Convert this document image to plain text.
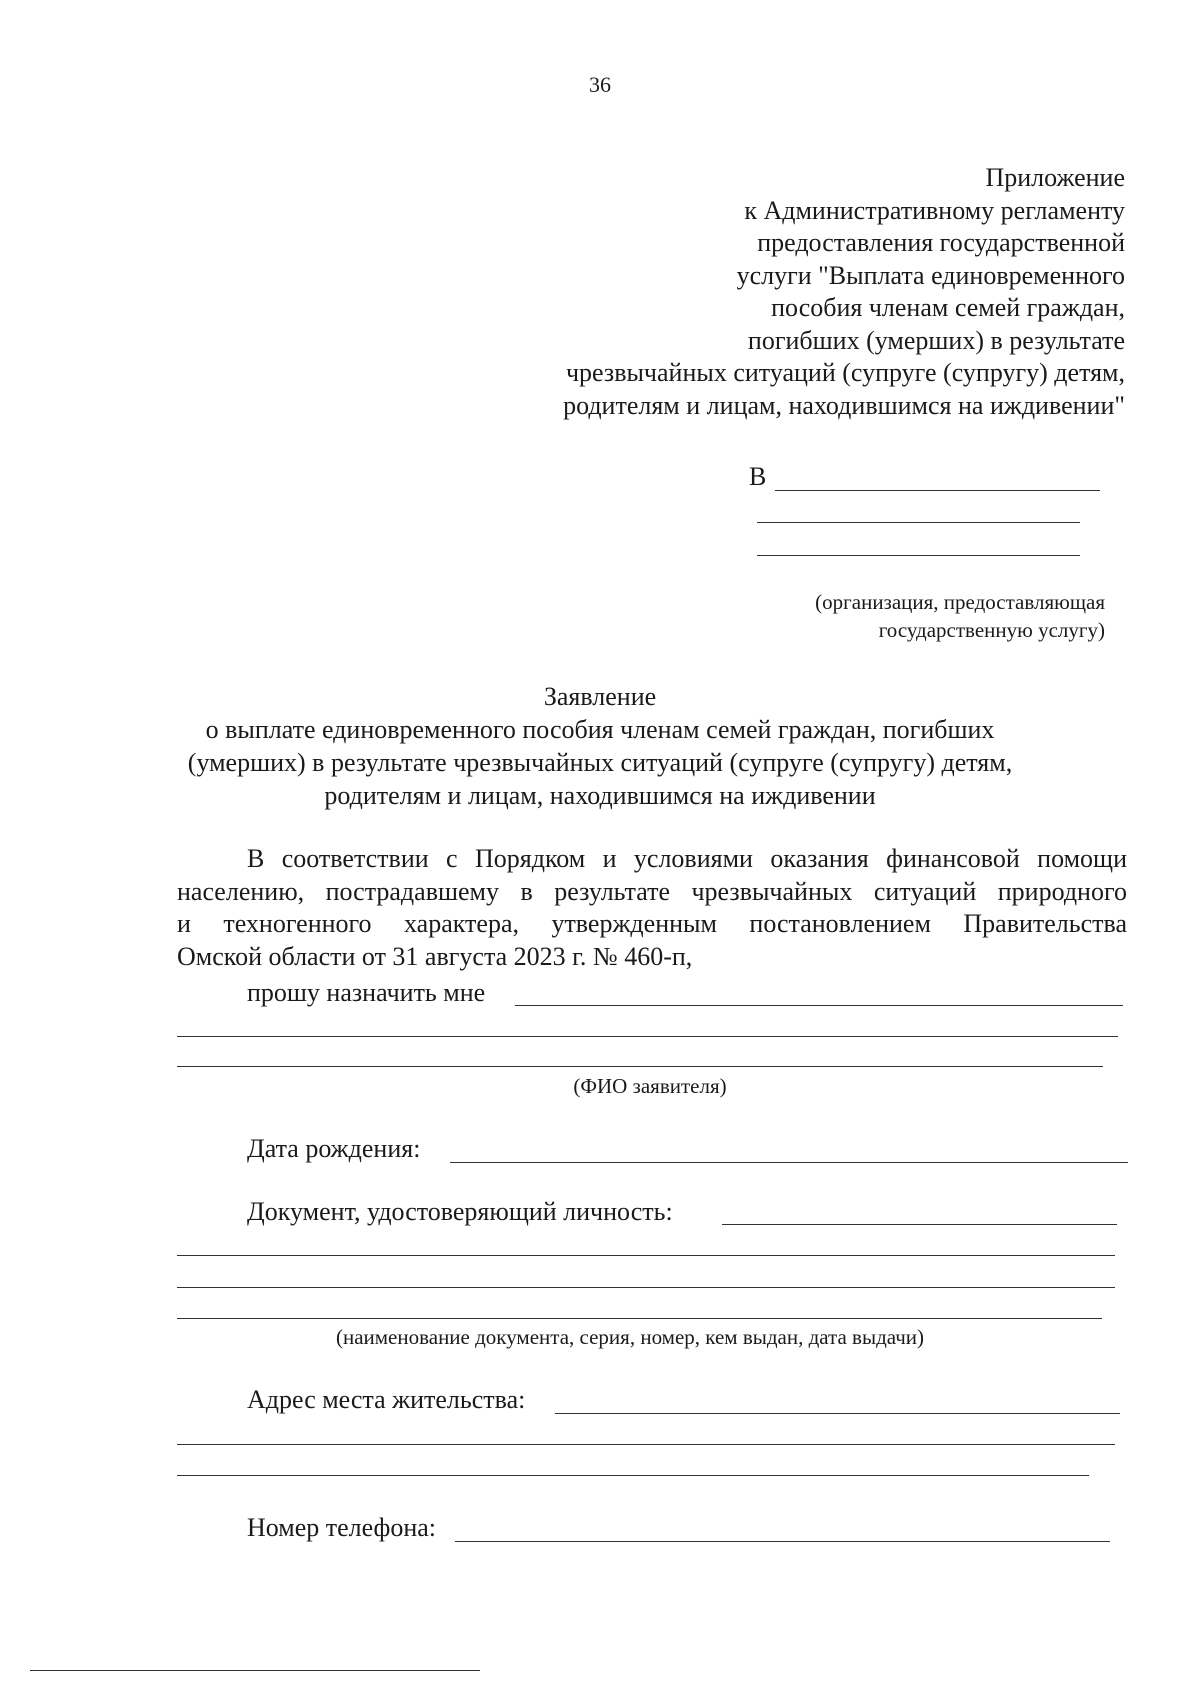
36
Приложение
к Административному регламенту
предоставления государственной
услуги "Выплата единовременного
пособия членам семей граждан,
погибших (умерших) в результате
чрезвычайных ситуаций (супруге (супругу) детям,
родителям и лицам, находившимся на иждивении"
В
(организация, предоставляющая
государственную услугу)
Заявление
о выплате единовременного пособия членам семей граждан, погибших
(умерших) в результате чрезвычайных ситуаций (супруге (супругу) детям,
родителям и лицам, находившимся на иждивении
В соответствии с Порядком и условиями оказания финансовой помощи
населению, пострадавшему в результате чрезвычайных ситуаций природного
и техногенного характера, утвержденным постановлением Правительства
Омской области от 31 августа 2023 г. № 460-п,
прошу назначить мне
(ФИО заявителя)
Дата рождения:
Документ, удостоверяющий личность:
(наименование документа, серия, номер, кем выдан, дата выдачи)
Адрес места жительства:
Номер телефона:
